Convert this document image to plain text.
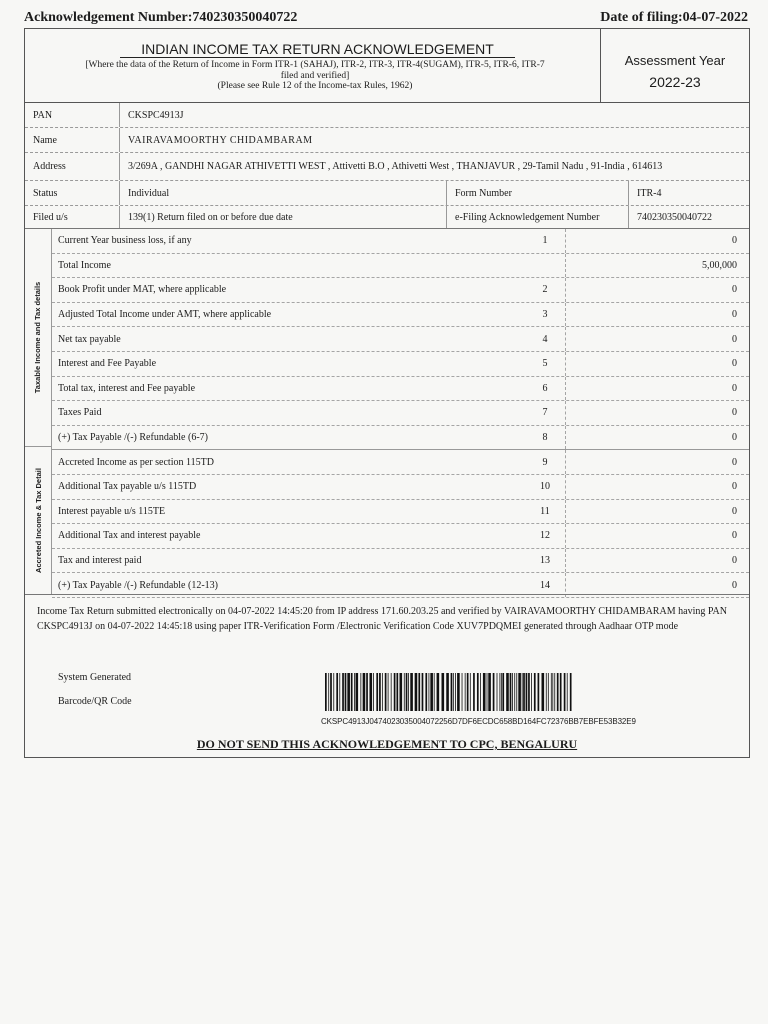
Acknowledgement Number:740230350040722	Date of filing:04-07-2022
INDIAN INCOME TAX RETURN ACKNOWLEDGEMENT
[Where the data of the Return of Income in Form ITR-1 (SAHAJ), ITR-2, ITR-3, ITR-4(SUGAM), ITR-5, ITR-6, ITR-7
filed and verified]
(Please see Rule 12 of the Income-tax Rules, 1962)
Assessment Year
2022-23
PAN	CKSPC4913J
Name	VAIRAVAMOORTHY CHIDAMBARAM
Address	3/269A , GANDHI NAGAR ATHIVETTI WEST , Attivetti B.O , Athivetti West , THANJAVUR , 29-Tamil Nadu , 91-India , 614613
Status	Individual	Form Number	ITR-4
Filed u/s	139(1) Return filed on or before due date	e-Filing Acknowledgement Number	740230350040722
Taxable Income and Tax details
Accreted Income & Tax Detail
Current Year business loss, if any	1	0
Total Income	5,00,000
Book Profit under MAT, where applicable	2	0
Adjusted Total Income under AMT, where applicable	3	0
Net tax payable	4	0
Interest and Fee Payable	5	0
Total tax, interest and Fee payable	6	0
Taxes Paid	7	0
(+) Tax Payable /(-) Refundable (6-7)	8	0
Accreted Income as per section 115TD	9	0
Additional Tax payable u/s 115TD	10	0
Interest payable u/s 115TE	11	0
Additional Tax and interest payable	12	0
Tax and interest paid	13	0
(+) Tax Payable /(-) Refundable (12-13)	14	0
Income Tax Return submitted electronically on 04-07-2022 14:45:20 from IP address 171.60.203.25 and verified by VAIRAVAMOORTHY CHIDAMBARAM having PAN CKSPC4913J on 04-07-2022 14:45:18 using paper ITR-Verification Form /Electronic Verification Code XUV7PDQMEI generated through Aadhaar OTP mode
System Generated
Barcode/QR Code
CKSPC4913J0474023035004072256D7DF6ECDC658BD164FC72376BB7EBFE53B32E9
DO NOT SEND THIS ACKNOWLEDGEMENT TO CPC, BENGALURU
